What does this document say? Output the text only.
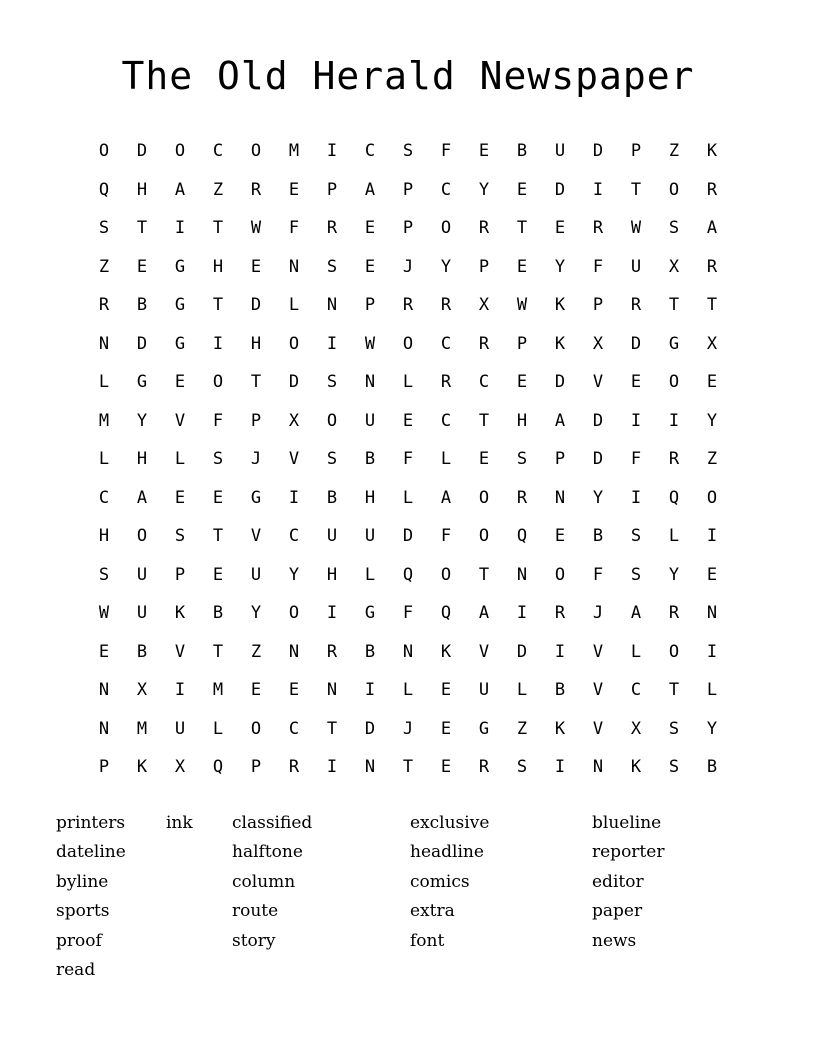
The Old Herald Newspaper
O	D	O	C	O	M	I	C	S	F	E	B	U	D	P	Z	K
Q	H	A	Z	R	E	P	A	P	C	Y	E	D	I	T	O	R
S	T	I	T	W	F	R	E	P	O	R	T	E	R	W	S	A
Z	E	G	H	E	N	S	E	J	Y	P	E	Y	F	U	X	R
R	B	G	T	D	L	N	P	R	R	X	W	K	P	R	T	T
N	D	G	I	H	O	I	W	O	C	R	P	K	X	D	G	X
L	G	E	O	T	D	S	N	L	R	C	E	D	V	E	O	E
M	Y	V	F	P	X	O	U	E	C	T	H	A	D	I	I	Y
L	H	L	S	J	V	S	B	F	L	E	S	P	D	F	R	Z
C	A	E	E	G	I	B	H	L	A	O	R	N	Y	I	Q	O
H	O	S	T	V	C	U	U	D	F	O	Q	E	B	S	L	I
S	U	P	E	U	Y	H	L	Q	O	T	N	O	F	S	Y	E
W	U	K	B	Y	O	I	G	F	Q	A	I	R	J	A	R	N
E	B	V	T	Z	N	R	B	N	K	V	D	I	V	L	O	I
N	X	I	M	E	E	N	I	L	E	U	L	B	V	C	T	L
N	M	U	L	O	C	T	D	J	E	G	Z	K	V	X	S	Y
P	K	X	Q	P	R	I	N	T	E	R	S	I	N	K	S	B
printers
dateline
byline
sports
proof
read
ink

classified
halftone
column
route
story
exclusive
headline
comics
extra
font
blueline
reporter
editor
paper
news
